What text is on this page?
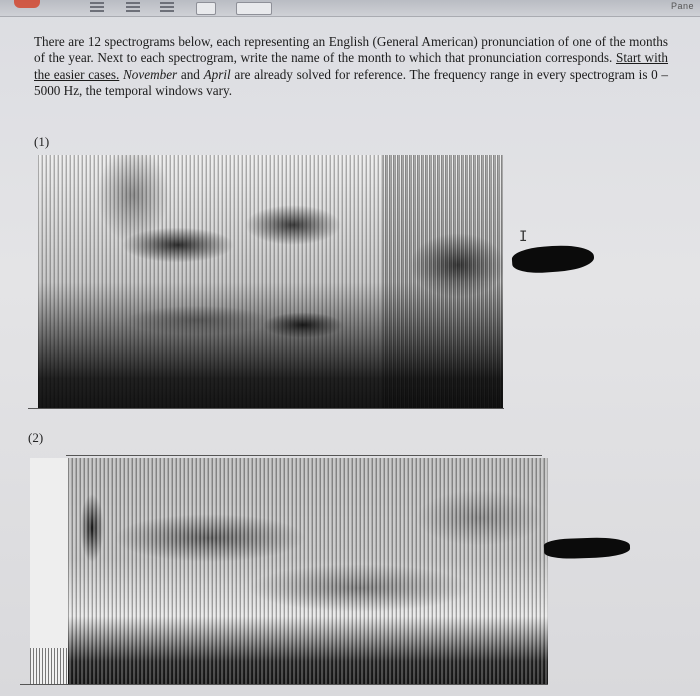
Pane
There are 12 spectrograms below, each representing an English (General American) pronunciation of one of the months of the year. Next to each spectrogram, write the name of the month to which that pronunciation corresponds. Start with the easier cases. November and April are already solved for reference. The frequency range in every spectrogram is 0 – 5000 Hz, the temporal windows vary.
(1)
I
(2)
